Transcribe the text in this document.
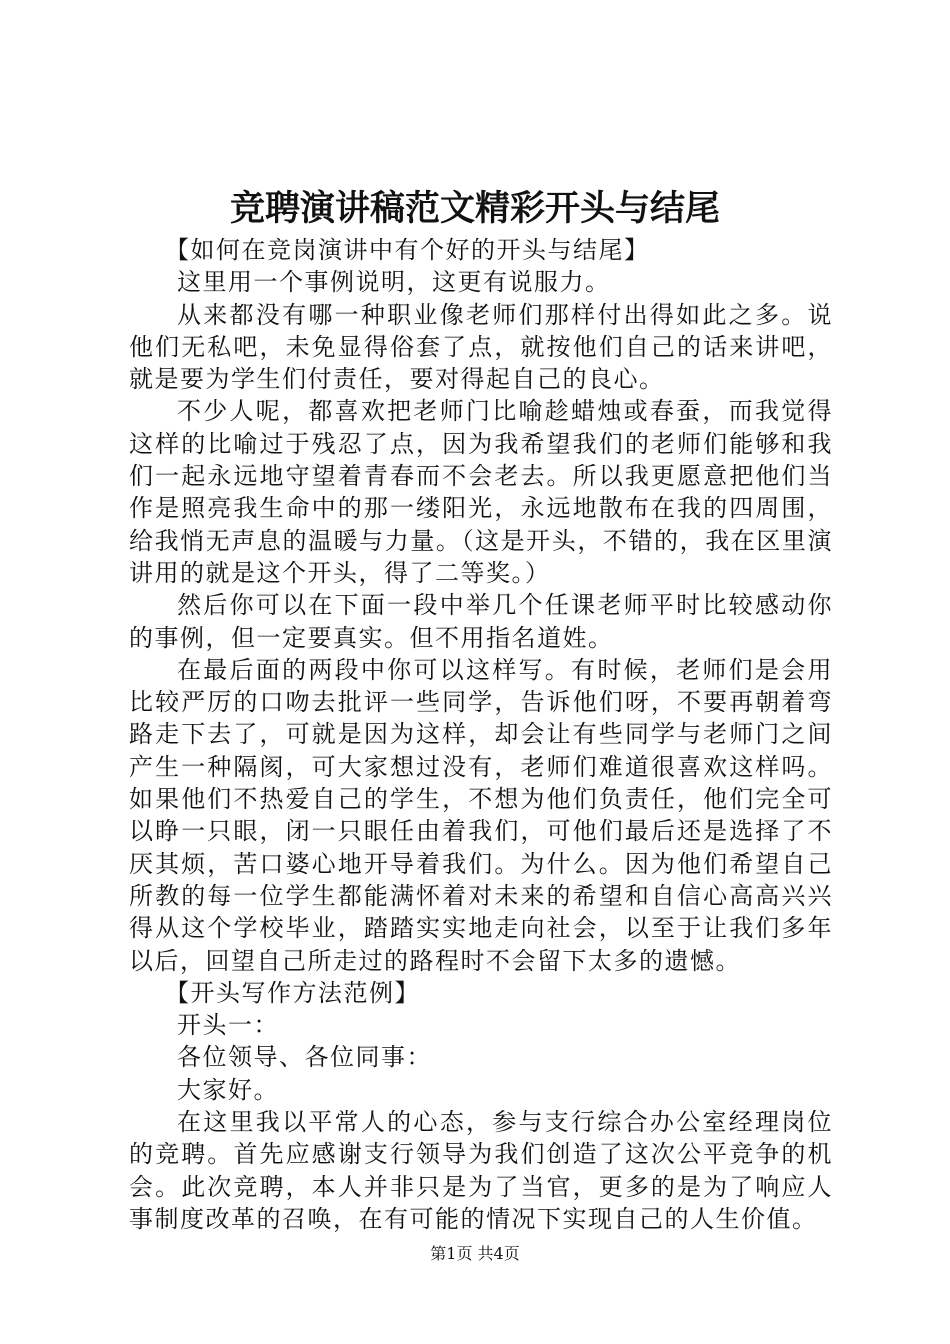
竞聘演讲稿范文精彩开头与结尾

【如何在竞岗演讲中有个好的开头与结尾】

这里用一个事例说明，这更有说服力。

从来都没有哪一种职业像老师们那样付出得如此之多。说他们无私吧，未免显得俗套了点，就按他们自己的话来讲吧，就是要为学生们付责任，要对得起自己的良心。

不少人呢，都喜欢把老师门比喻趁蜡烛或春蚕，而我觉得这样的比喻过于残忍了点，因为我希望我们的老师们能够和我们一起永远地守望着青春而不会老去。所以我更愿意把他们当作是照亮我生命中的那一缕阳光，永远地散布在我的四周围，给我悄无声息的温暖与力量。（这是开头，不错的，我在区里演讲用的就是这个开头，得了二等奖。）

然后你可以在下面一段中举几个任课老师平时比较感动你的事例，但一定要真实。但不用指名道姓。

在最后面的两段中你可以这样写。有时候，老师们是会用比较严厉的口吻去批评一些同学，告诉他们呀，不要再朝着弯路走下去了，可就是因为这样，却会让有些同学与老师门之间产生一种隔阂，可大家想过没有，老师们难道很喜欢这样吗。如果他们不热爱自己的学生，不想为他们负责任，他们完全可以睁一只眼，闭一只眼任由着我们，可他们最后还是选择了不厌其烦，苦口婆心地开导着我们。为什么。因为他们希望自己所教的每一位学生都能满怀着对未来的希望和自信心高高兴兴得从这个学校毕业，踏踏实实地走向社会，以至于让我们多年以后，回望自己所走过的路程时不会留下太多的遗憾。

【开头写作方法范例】

开头一：

各位领导、各位同事：

大家好。

在这里我以平常人的心态，参与支行综合办公室经理岗位的竞聘。首先应感谢支行领导为我们创造了这次公平竞争的机会。此次竞聘，本人并非只是为了当官，更多的是为了响应人事制度改革的召唤，在有可能的情况下实现自己的人生价值。

第1页 共4页
